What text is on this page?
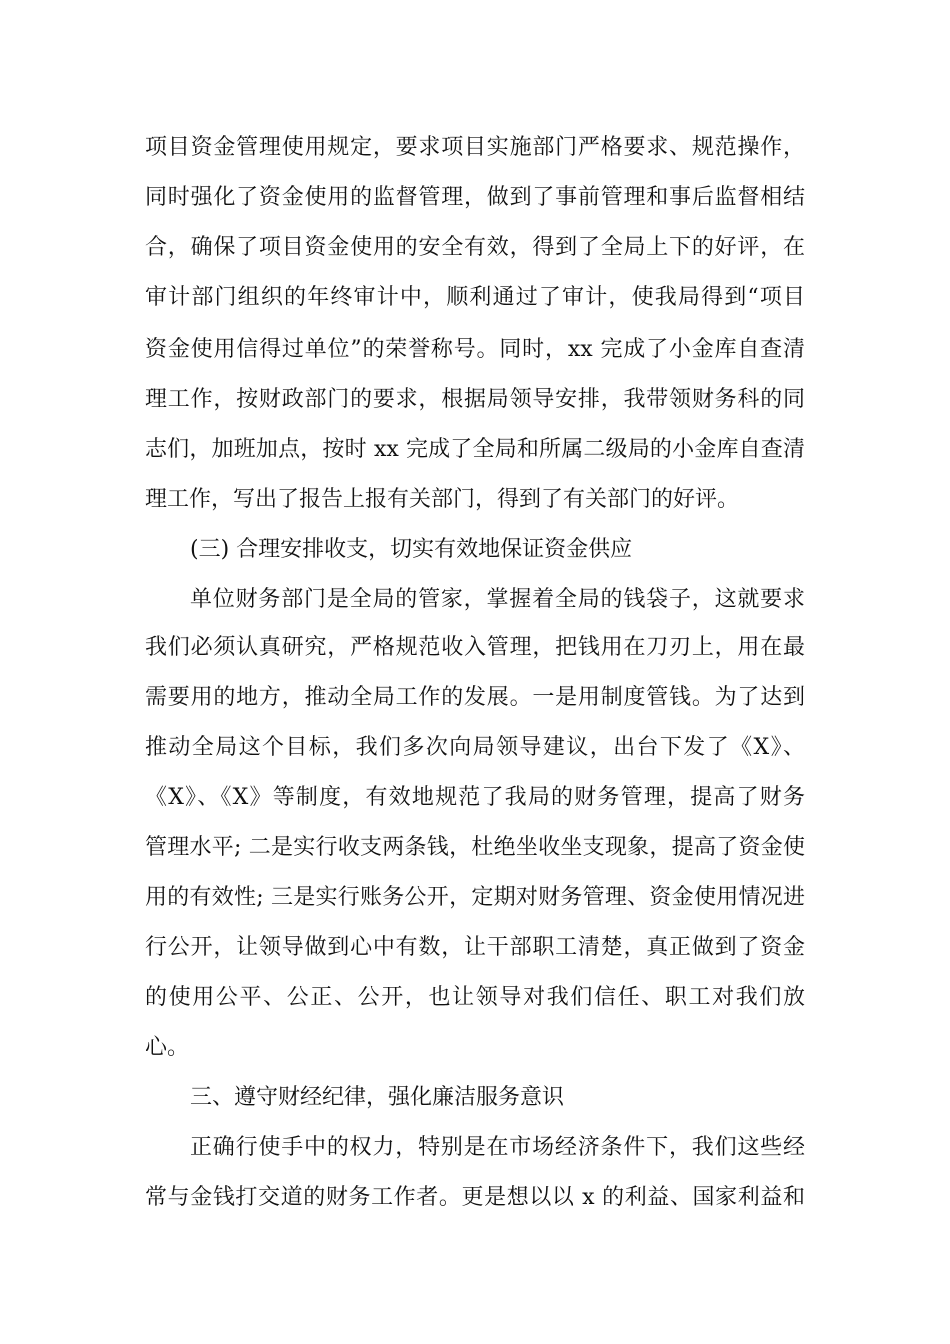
项目资金管理使用规定，要求项目实施部门严格要求、规范操作，
同时强化了资金使用的监督管理，做到了事前管理和事后监督相结
合，确保了项目资金使用的安全有效，得到了全局上下的好评，在
审计部门组织的年终审计中，顺利通过了审计，使我局得到“项目
资金使用信得过单位”的荣誉称号。同时，xx 完成了小金库自查清
理工作，按财政部门的要求，根据局领导安排，我带领财务科的同
志们，加班加点，按时 xx 完成了全局和所属二级局的小金库自查清
理工作，写出了报告上报有关部门，得到了有关部门的好评。
(三) 合理安排收支，切实有效地保证资金供应
单位财务部门是全局的管家，掌握着全局的钱袋子，这就要求
我们必须认真研究，严格规范收入管理，把钱用在刀刃上，用在最
需要用的地方，推动全局工作的发展。一是用制度管钱。为了达到
推动全局这个目标，我们多次向局领导建议，出台下发了《X》、
《X》、《X》等制度，有效地规范了我局的财务管理，提高了财务
管理水平; 二是实行收支两条钱，杜绝坐收坐支现象，提高了资金使
用的有效性; 三是实行账务公开，定期对财务管理、资金使用情况进
行公开，让领导做到心中有数，让干部职工清楚，真正做到了资金
的使用公平、公正、公开，也让领导对我们信任、职工对我们放
心。
三、遵守财经纪律，强化廉洁服务意识
正确行使手中的权力，特别是在市场经济条件下，我们这些经
常与金钱打交道的财务工作者。更是想以以 x 的利益、国家利益和
